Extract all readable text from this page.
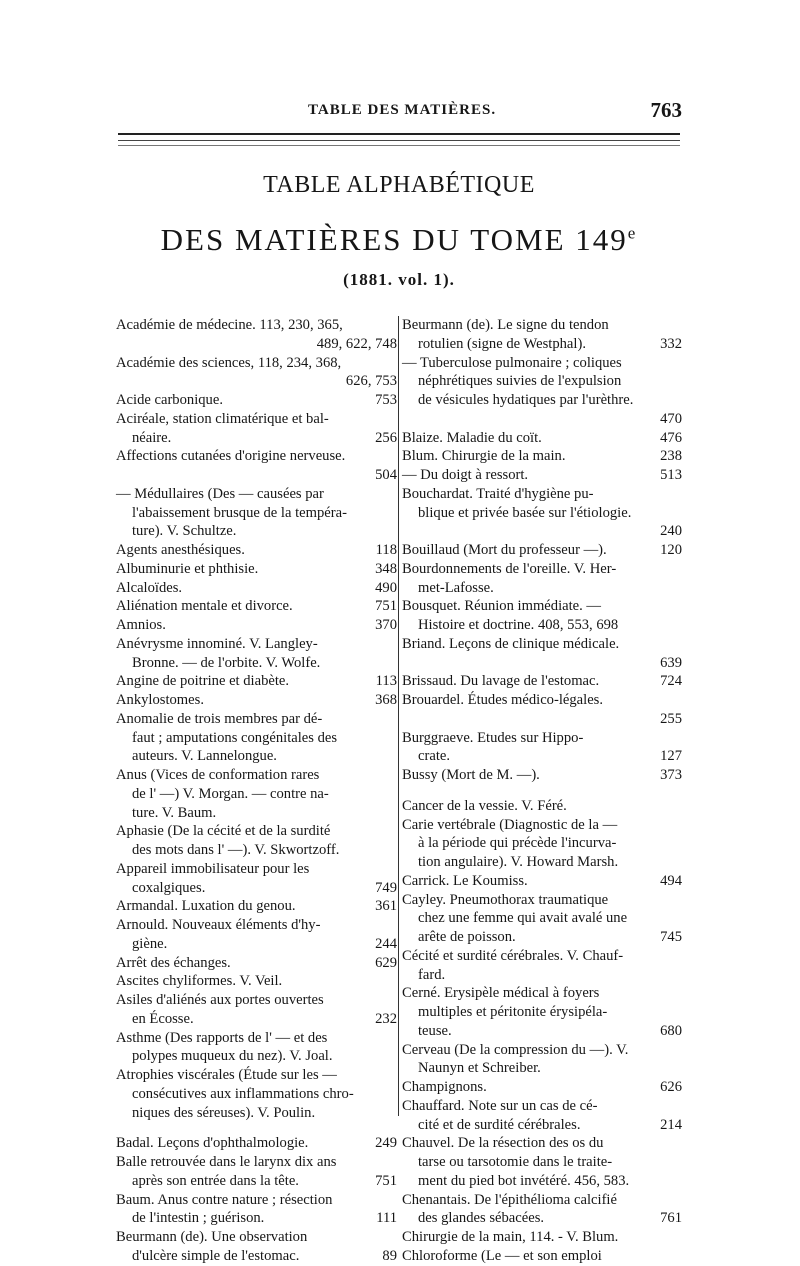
TABLE DES MATIÈRES.	763
TABLE ALPHABÉTIQUE
DES MATIÈRES DU TOME 149e
(1881. vol. 1).
Académie de médecine. 113, 230, 365,
489, 622, 748
Académie des sciences, 118, 234, 368,
626, 753
Acide carbonique.	753
Aciréale, station climatérique et bal-
néaire.	256
Affections cutanées d'origine nerveuse.
504
— Médullaires (Des — causées par
l'abaissement brusque de la tempéra-
ture). V. Schultze.
Agents anesthésiques.	118
Albuminurie et phthisie.	348
Alcaloïdes.	490
Aliénation mentale et divorce.	751
Amnios.	370
Anévrysme innominé. V. Langley-
Bronne. — de l'orbite. V. Wolfe.
Angine de poitrine et diabète.	113
Ankylostomes.	368
Anomalie de trois membres par dé-
faut ; amputations congénitales des
auteurs. V. Lannelongue.
Anus (Vices de conformation rares
de l' —) V. Morgan. — contre na-
ture. V. Baum.
Aphasie (De la cécité et de la surdité
des mots dans l' —). V. Skwortzoff.
Appareil immobilisateur pour les
coxalgiques.	749
Armandal. Luxation du genou.	361
Arnould. Nouveaux éléments d'hy-
giène.	244
Arrêt des échanges.	629
Ascites chyliformes. V. Veil.
Asiles d'aliénés aux portes ouvertes
en Écosse.	232
Asthme (Des rapports de l' — et des
polypes muqueux du nez). V. Joal.
Atrophies viscérales (Étude sur les —
consécutives aux inflammations chro-
niques des séreuses). V. Poulin.
Badal. Leçons d'ophthalmologie.	249
Balle retrouvée dans le larynx dix ans
après son entrée dans la tête.	751
Baum. Anus contre nature ; résection
de l'intestin ; guérison.	111
Beurmann (de). Une observation
d'ulcère simple de l'estomac.	89
Beurmann (de). Le signe du tendon
rotulien (signe de Westphal).	332
— Tuberculose pulmonaire ; coliques
néphrétiques suivies de l'expulsion
de vésicules hydatiques par l'urèthre.
470
Blaize. Maladie du coït.	476
Blum. Chirurgie de la main.	238
— Du doigt à ressort.	513
Bouchardat. Traité d'hygiène pu-
blique et privée basée sur l'étiologie.
240
Bouillaud (Mort du professeur —).	120
Bourdonnements de l'oreille. V. Her-
met-Lafosse.
Bousquet. Réunion immédiate. —
Histoire et doctrine. 408, 553, 698
Briand. Leçons de clinique médicale.
639
Brissaud. Du lavage de l'estomac.	724
Brouardel. Études médico-légales.
255
Burggraeve. Etudes sur Hippo-
crate.	127
Bussy (Mort de M. —).	373
Cancer de la vessie. V. Féré.
Carie vertébrale (Diagnostic de la —
à la période qui précède l'incurva-
tion angulaire). V. Howard Marsh.
Carrick. Le Koumiss.	494
Cayley. Pneumothorax traumatique
chez une femme qui avait avalé une
arête de poisson.	745
Cécité et surdité cérébrales. V. Chauf-
fard.
Cerné. Erysipèle médical à foyers
multiples et péritonite érysipéla-
teuse.	680
Cerveau (De la compression du —). V.
Naunyn et Schreiber.
Champignons.	626
Chauffard. Note sur un cas de cé-
cité et de surdité cérébrales.	214
Chauvel. De la résection des os du
tarse ou tarsotomie dans le traite-
ment du pied bot invétéré. 456, 583.
Chenantais. De l'épithélioma calcifié
des glandes sébacées.	761
Chirurgie de la main, 114. - V. Blum.
Chloroforme (Le — et son emploi
